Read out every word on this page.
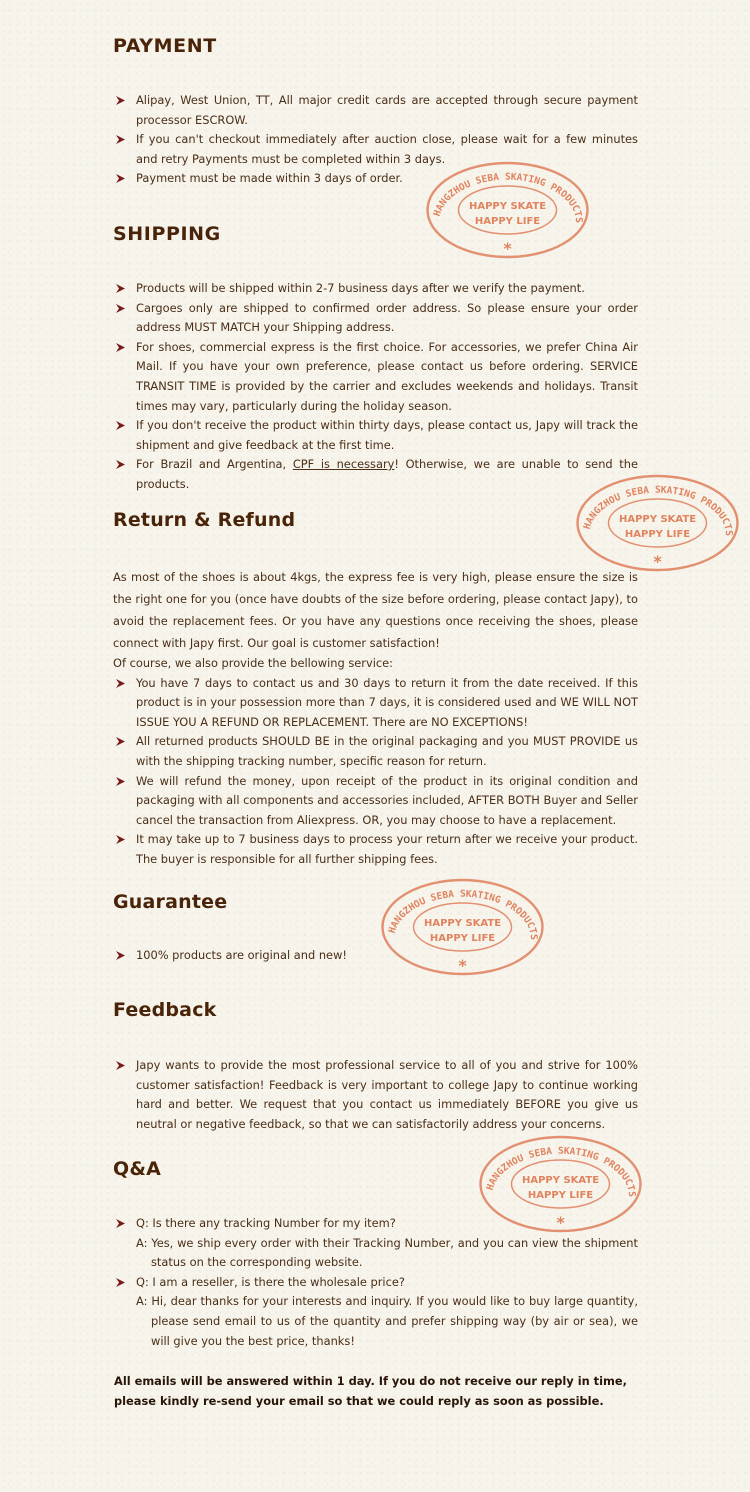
PAYMENT
Alipay, West Union, TT, All major credit cards are accepted through secure payment processor ESCROW.
If you can't checkout immediately after auction close, please wait for a few minutes and retry Payments must be completed within 3 days.
Payment must be made within 3 days of order.
SHIPPING
Products will be shipped within 2-7 business days after we verify the payment.
Cargoes only are shipped to confirmed order address. So please ensure your order address MUST MATCH your Shipping address.
For shoes, commercial express is the first choice. For accessories, we prefer China Air Mail. If you have your own preference, please contact us before ordering. SERVICE TRANSIT TIME is provided by the carrier and excludes weekends and holidays. Transit times may vary, particularly during the holiday season.
If you don't receive the product within thirty days, please contact us, Japy will track the shipment and give feedback at the first time.
For Brazil and Argentina, CPF is necessary! Otherwise, we are unable to send the products.
Return & Refund

As most of the shoes is about 4kgs, the express fee is very high, please ensure the size is the right one for you (once have doubts of the size before ordering, please contact Japy), to avoid the replacement fees. Or you have any questions once receiving the shoes, please connect with Japy first. Our goal is customer satisfaction!

Of course, we also provide the bellowing service:

You have 7 days to contact us and 30 days to return it from the date received. If this product is in your possession more than 7 days, it is considered used and WE WILL NOT ISSUE YOU A REFUND OR REPLACEMENT. There are NO EXCEPTIONS!
All returned products SHOULD BE in the original packaging and you MUST PROVIDE us with the shipping tracking number, specific reason for return.
We will refund the money, upon receipt of the product in its original condition and packaging with all components and accessories included, AFTER BOTH Buyer and Seller cancel the transaction from Aliexpress. OR, you may choose to have a replacement.
It may take up to 7 business days to process your return after we receive your product. The buyer is responsible for all further shipping fees.
Guarantee
100% products are original and new!
Feedback
Japy wants to provide the most professional service to all of you and strive for 100% customer satisfaction! Feedback is very important to college Japy to continue working hard and better. We request that you contact us immediately BEFORE you give us neutral or negative feedback, so that we can satisfactorily address your concerns.
Q&A
Q: Is there any tracking Number for my item?
A: Yes, we ship every order with their Tracking Number, and you can view the shipment status on the corresponding website.
Q: I am a reseller, is there the wholesale price?
A: Hi, dear thanks for your interests and inquiry. If you would like to buy large quantity, please send email to us of the quantity and prefer shipping way (by air or sea), we will give you the best price, thanks!
All emails will be answered within 1 day. If you do not receive our reply in time, please kindly re-send your email so that we could reply as soon as possible.
HANGZHOU SEBA SKATING PRODUCTS
HAPPY SKATE
HAPPY LIFE
*
HANGZHOU SEBA SKATING PRODUCTS
HAPPY SKATE
HAPPY LIFE
*
HANGZHOU SEBA SKATING PRODUCTS
HAPPY SKATE
HAPPY LIFE
*
HANGZHOU SEBA SKATING PRODUCTS
HAPPY SKATE
HAPPY LIFE
*
